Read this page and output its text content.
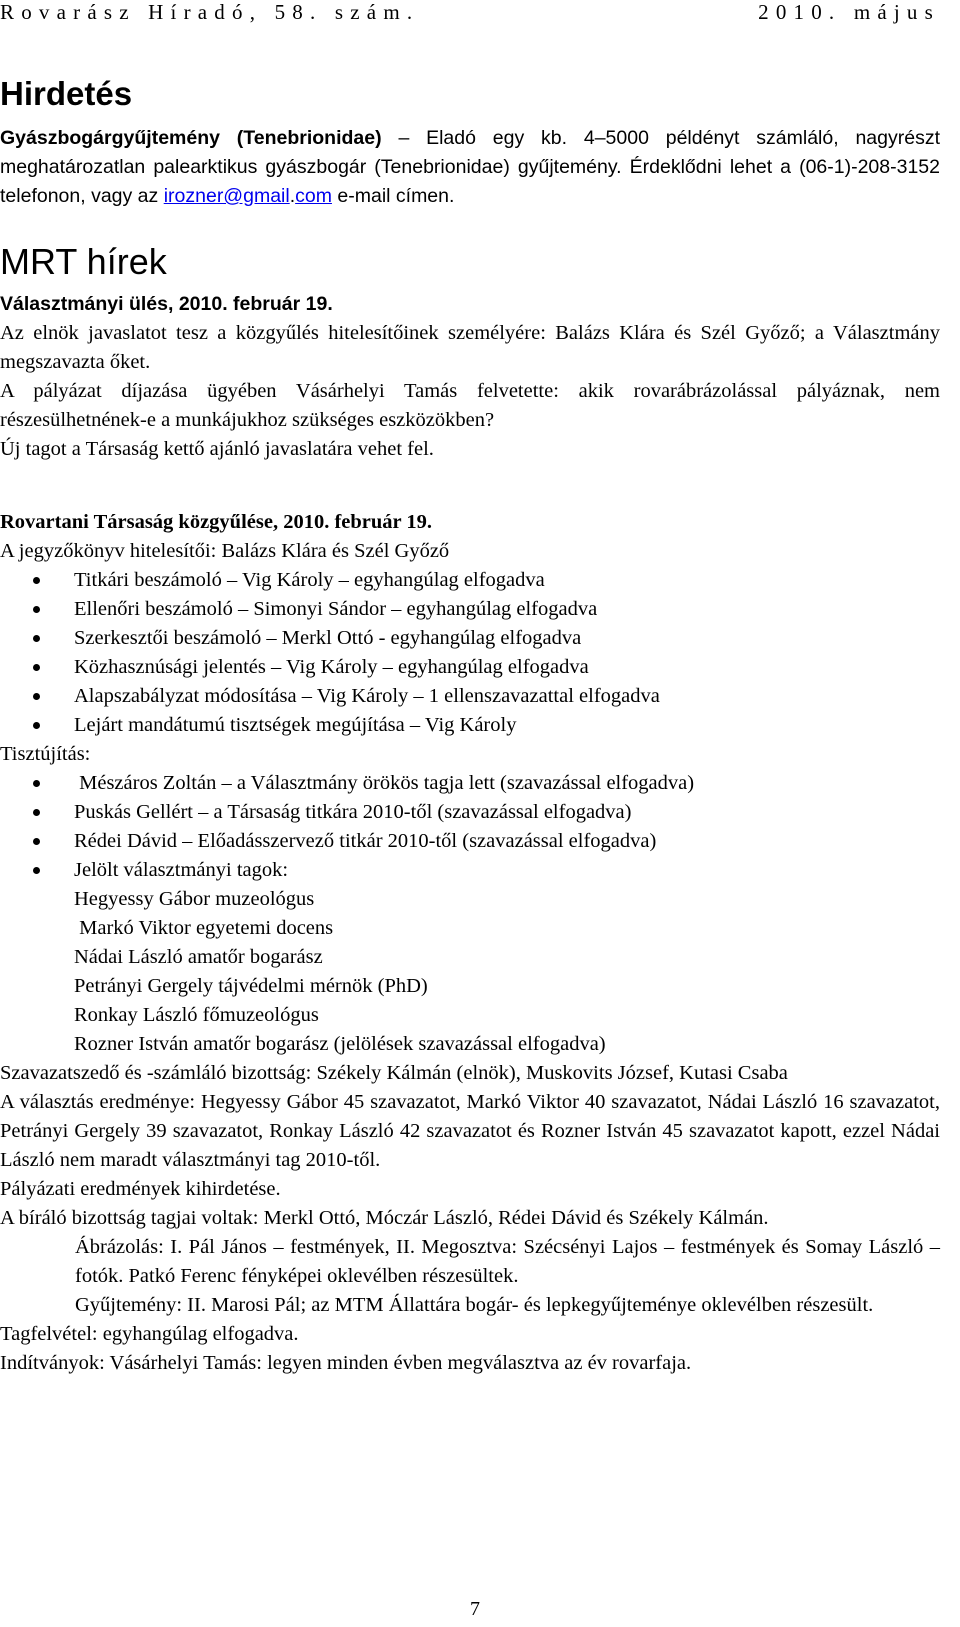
Rovarász Híradó, 58. szám.	2010. május
Hirdetés
Gyászbogárgyűjtemény (Tenebrionidae) – Eladó egy kb. 4–5000 példényt számláló, nagyrészt meghatározatlan palearktikus gyászbogár (Tenebrionidae) gyűjtemény. Érdeklődni lehet a (06-1)-208-3152 telefonon, vagy az irozner@gmail.com e-mail címen.
MRT hírek

Választmányi ülés, 2010. február 19.

Az elnök javaslatot tesz a közgyűlés hitelesítőinek személyére: Balázs Klára és Szél Győző; a Választmány megszavazta őket.

A pályázat díjazása ügyében Vásárhelyi Tamás felvetette: akik rovarábrázolással pályáznak, nem részesülhetnének-e a munkájukhoz szükséges eszközökben?

Új tagot a Társaság kettő ajánló javaslatára vehet fel.

Rovartani Társaság közgyűlése, 2010. február 19.

A jegyzőkönyv hitelesítői: Balázs Klára és Szél Győző

Titkári beszámoló – Vig Károly – egyhangúlag elfogadva
Ellenőri beszámoló – Simonyi Sándor – egyhangúlag elfogadva
Szerkesztői beszámoló – Merkl Ottó - egyhangúlag elfogadva
Közhasznúsági jelentés – Vig Károly – egyhangúlag elfogadva
Alapszabályzat módosítása – Vig Károly – 1 ellenszavazattal elfogadva
Lejárt mandátumú tisztségek megújítása – Vig Károly

Tisztújítás:

Mészáros Zoltán – a Választmány örökös tagja lett (szavazással elfogadva)
Puskás Gellért – a Társaság titkára 2010-től (szavazással elfogadva)
Rédei Dávid – Előadásszervező titkár 2010-től (szavazással elfogadva)
Jelölt választmányi tagok:

Hegyessy Gábor muzeológus

Markó Viktor egyetemi docens

Nádai László amatőr bogarász

Petrányi Gergely tájvédelmi mérnök (PhD)

Ronkay László főmuzeológus

Rozner István amatőr bogarász (jelölések szavazással elfogadva)

Szavazatszedő és -számláló bizottság: Székely Kálmán (elnök), Muskovits József, Kutasi Csaba

A választás eredménye: Hegyessy Gábor 45 szavazatot, Markó Viktor 40 szavazatot, Nádai László 16 szavazatot, Petrányi Gergely 39 szavazatot, Ronkay László 42 szavazatot és Rozner István 45 szavazatot kapott, ezzel Nádai László nem maradt választmányi tag 2010-től.

Pályázati eredmények kihirdetése.

A bíráló bizottság tagjai voltak: Merkl Ottó, Móczár László, Rédei Dávid és Székely Kálmán.

Ábrázolás: I. Pál János – festmények, II. Megosztva: Szécsényi Lajos – festmények és Somay László – fotók. Patkó Ferenc fényképei oklevélben részesültek.

Gyűjtemény: II. Marosi Pál; az MTM Állattára bogár- és lepkegyűjteménye oklevélben részesült.

Tagfelvétel: egyhangúlag elfogadva.

Indítványok: Vásárhelyi Tamás: legyen minden évben megválasztva az év rovarfaja.

7
